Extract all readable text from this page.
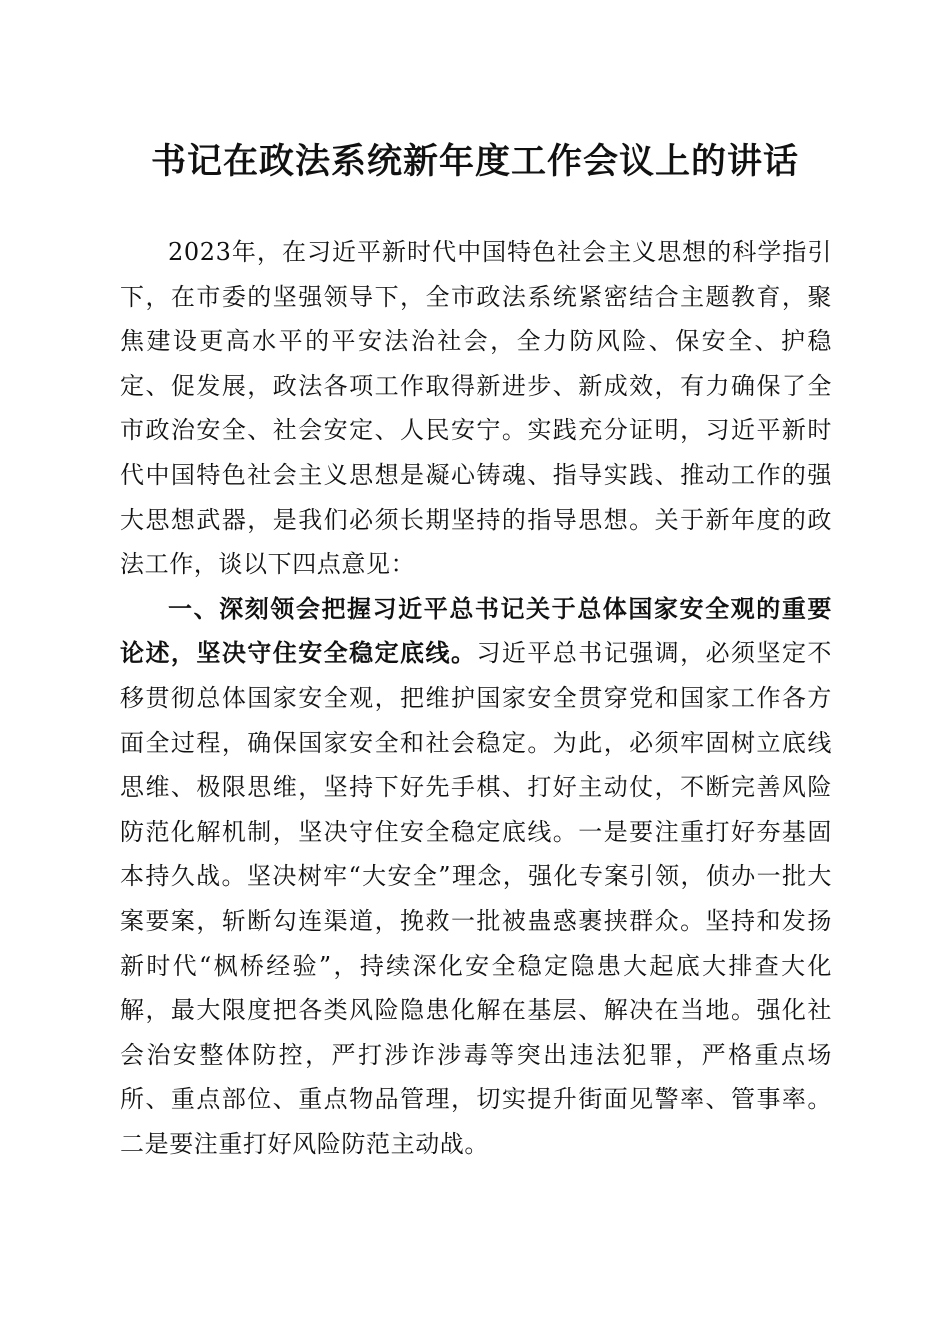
书记在政法系统新年度工作会议上的讲话

2023年，在习近平新时代中国特色社会主义思想的科学指引下，在市委的坚强领导下，全市政法系统紧密结合主题教育，聚焦建设更高水平的平安法治社会，全力防风险、保安全、护稳定、促发展，政法各项工作取得新进步、新成效，有力确保了全市政治安全、社会安定、人民安宁。实践充分证明，习近平新时代中国特色社会主义思想是凝心铸魂、指导实践、推动工作的强大思想武器，是我们必须长期坚持的指导思想。关于新年度的政法工作，谈以下四点意见：

一、深刻领会把握习近平总书记关于总体国家安全观的重要论述，坚决守住安全稳定底线。习近平总书记强调，必须坚定不移贯彻总体国家安全观，把维护国家安全贯穿党和国家工作各方面全过程，确保国家安全和社会稳定。为此，必须牢固树立底线思维、极限思维，坚持下好先手棋、打好主动仗，不断完善风险防范化解机制，坚决守住安全稳定底线。一是要注重打好夯基固本持久战。坚决树牢“大安全”理念，强化专案引领，侦办一批大案要案，斩断勾连渠道，挽救一批被蛊惑裹挟群众。坚持和发扬新时代“枫桥经验”，持续深化安全稳定隐患大起底大排查大化解，最大限度把各类风险隐患化解在基层、解决在当地。强化社会治安整体防控，严打涉诈涉毒等突出违法犯罪，严格重点场所、重点部位、重点物品管理，切实提升街面见警率、管事率。二是要注重打好风险防范主动战。
